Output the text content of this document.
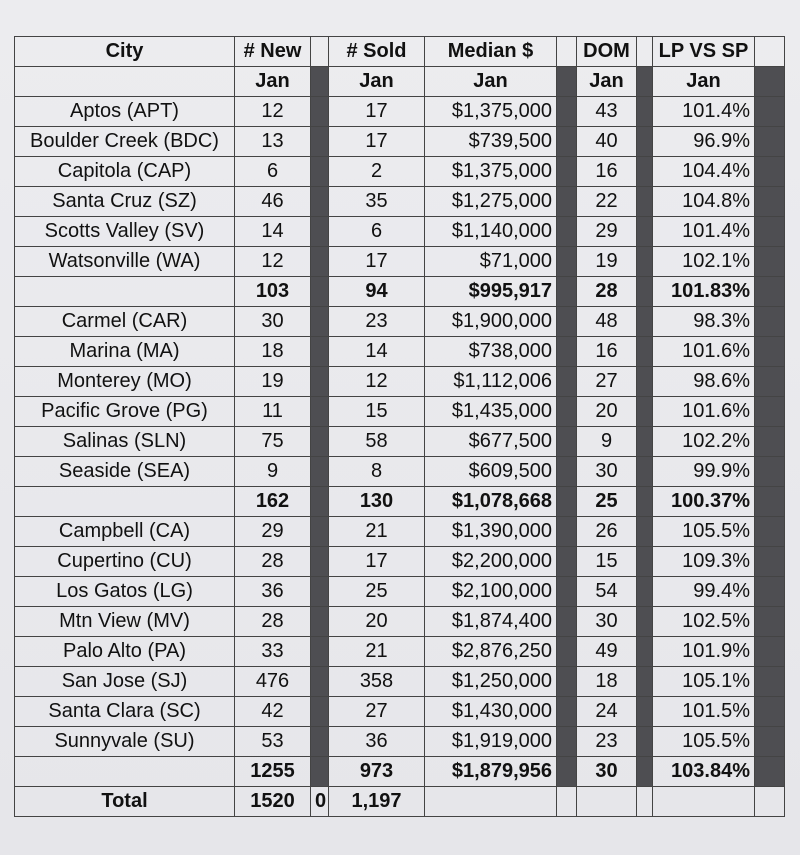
City	# New		# Sold	Median $		DOM		LP VS SP	
	Jan		Jan	Jan		Jan		Jan	
Aptos (APT)	12		17	$1,375,000		43		101.4%	
Boulder Creek (BDC)	13		17	$739,500		40		96.9%	
Capitola (CAP)	6		2	$1,375,000		16		104.4%	
Santa Cruz (SZ)	46		35	$1,275,000		22		104.8%	
Scotts Valley (SV)	14		6	$1,140,000		29		101.4%	
Watsonville (WA)	12		17	$71,000		19		102.1%	
	103		94	$995,917		28		101.83%	
Carmel (CAR)	30		23	$1,900,000		48		98.3%	
Marina (MA)	18		14	$738,000		16		101.6%	
Monterey (MO)	19		12	$1,112,006		27		98.6%	
Pacific Grove (PG)	11		15	$1,435,000		20		101.6%	
Salinas (SLN)	75		58	$677,500		9		102.2%	
Seaside (SEA)	9		8	$609,500		30		99.9%	
	162		130	$1,078,668		25		100.37%	
Campbell (CA)	29		21	$1,390,000		26		105.5%	
Cupertino (CU)	28		17	$2,200,000		15		109.3%	
Los Gatos (LG)	36		25	$2,100,000		54		99.4%	
Mtn View (MV)	28		20	$1,874,400		30		102.5%	
Palo Alto (PA)	33		21	$2,876,250		49		101.9%	
San Jose (SJ)	476		358	$1,250,000		18		105.1%	
Santa Clara (SC)	42		27	$1,430,000		24		101.5%	
Sunnyvale (SU)	53		36	$1,919,000		23		105.5%	
	1255		973	$1,879,956		30		103.84%	
Total	1520	0	1,197						
